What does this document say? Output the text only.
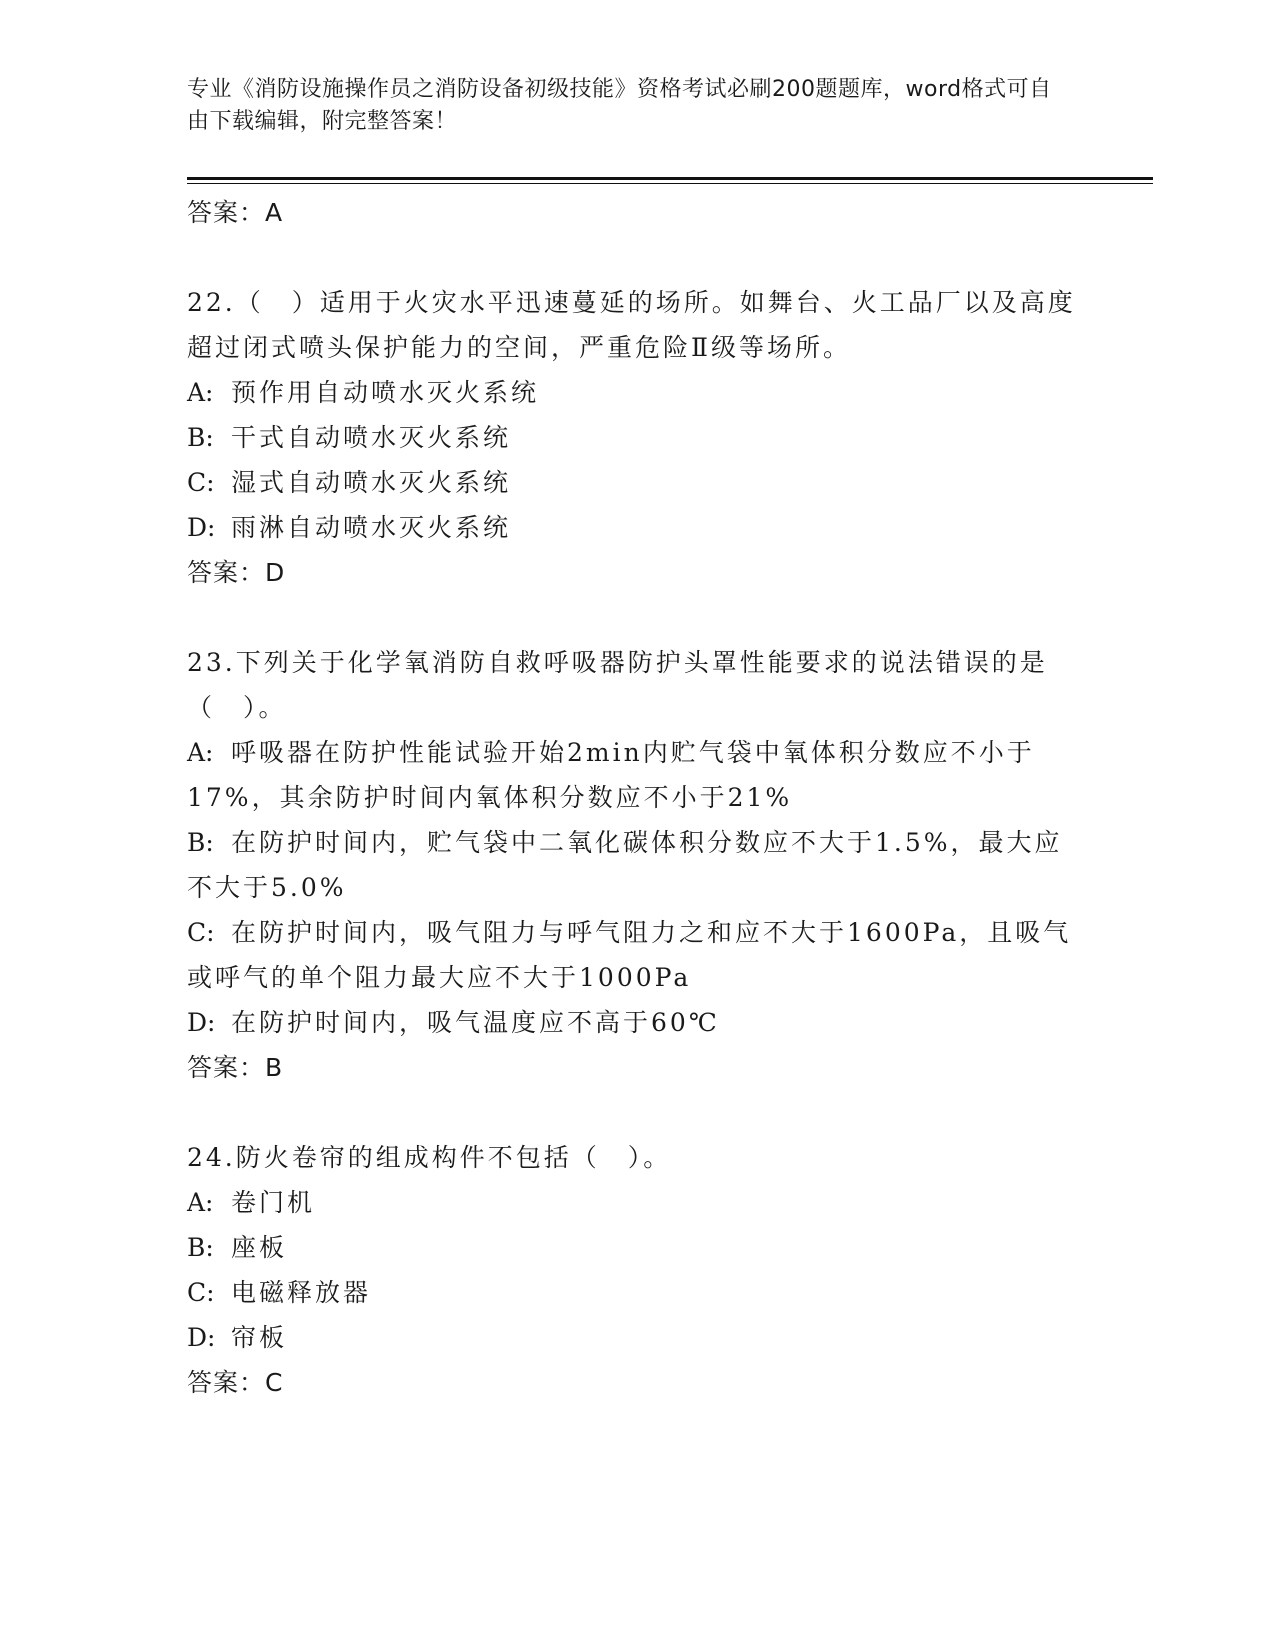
专业《消防设施操作员之消防设备初级技能》资格考试必刷200题题库，word格式可自由下载编辑，附完整答案！
答案：A
22.（　）适用于火灾水平迅速蔓延的场所。如舞台、火工品厂以及高度超过闭式喷头保护能力的空间，严重危险Ⅱ级等场所。
A: 预作用自动喷水灭火系统
B: 干式自动喷水灭火系统
C: 湿式自动喷水灭火系统
D: 雨淋自动喷水灭火系统
答案：D
23.下列关于化学氧消防自救呼吸器防护头罩性能要求的说法错误的是（　）。
A: 呼吸器在防护性能试验开始2min内贮气袋中氧体积分数应不小于17%，其余防护时间内氧体积分数应不小于21%
B: 在防护时间内，贮气袋中二氧化碳体积分数应不大于1.5%，最大应不大于5.0%
C: 在防护时间内，吸气阻力与呼气阻力之和应不大于1600Pa，且吸气或呼气的单个阻力最大应不大于1000Pa
D: 在防护时间内，吸气温度应不高于60℃
答案：B
24.防火卷帘的组成构件不包括（　）。
A: 卷门机
B: 座板
C: 电磁释放器
D: 帘板
答案：C
